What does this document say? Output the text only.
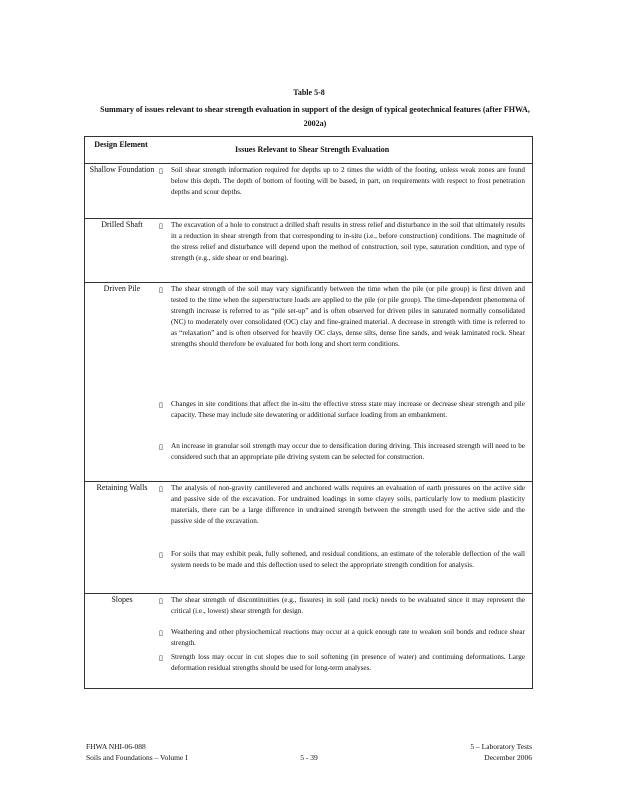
Table 5-8
Summary of issues relevant to shear strength evaluation in support of the design of typical geotechnical features (after FHWA, 2002a)
Design Element
Issues Relevant to Shear Strength Evaluation
Shallow Foundation ▯ Soil shear strength information required for depths up to 2 times the width of the footing, unless weak zones are found below this depth. The depth of bottom of footing will be based, in part, on requirements with respect to frost penetration depths and scour depths.
Drilled Shaft	▯ The excavation of a hole to construct a drilled shaft results in stress relief and disturbance in the soil that ultimately results in a reduction in shear strength from that corresponding to in-situ (i.e., before construction) conditions. The magnitude of the stress relief and disturbance will depend upon the method of construction, soil type, saturation condition, and type of strength (e.g., side shear or end bearing).
Driven Pile	▯ The shear strength of the soil may vary significantly between the time when the pile (or pile group) is first driven and tested to the time when the superstructure loads are applied to the pile (or pile group). The time-dependent phenomena of strength increase is referred to as “pile set-up” and is often observed for driven piles in saturated normally consolidated (NC) to moderately over consolidated (OC) clay and fine-grained material. A decrease in strength with time is referred to as “relaxation” and is often observed for heavily OC clays, dense silts, dense fine sands, and weak laminated rock. Shear strengths should therefore be evaluated for both long and short term conditions.
▯ Changes in site conditions that affect the in-situ the effective stress state may increase or decrease shear strength and pile capacity. These may include site dewatering or additional surface loading from an embankment.
▯ An increase in granular soil strength may occur due to densification during driving. This increased strength will need to be considered such that an appropriate pile driving system can be selected for construction.
Retaining Walls	▯ The analysis of non-gravity cantilevered and anchored walls requires an evaluation of earth pressures on the active side and passive side of the excavation. For undrained loadings in some clayey soils, particularly low to medium plasticity materials, there can be a large difference in undrained strength between the strength used for the active side and the passive side of the excavation.
▯ For soils that may exhibit peak, fully softened, and residual conditions, an estimate of the tolerable deflection of the wall system needs to be made and this deflection used to select the appropriate strength condition for analysis.
Slopes	▯ The shear strength of discontinuities (e.g., fissures) in soil (and rock) needs to be evaluated since it may represent the critical (i.e., lowest) shear strength for design.
▯ Weathering and other physiochemical reactions may occur at a quick enough rate to weaken soil bonds and reduce shear strength.
▯ Strength loss may occur in cut slopes due to soil softening (in presence of water) and continuing deformations. Large deformation residual strengths should be used for long-term analyses.
FHWA NHI-06-088
Soils and Foundations – Volume I	5 - 39
5 – Laboratory Tests
December 2006
